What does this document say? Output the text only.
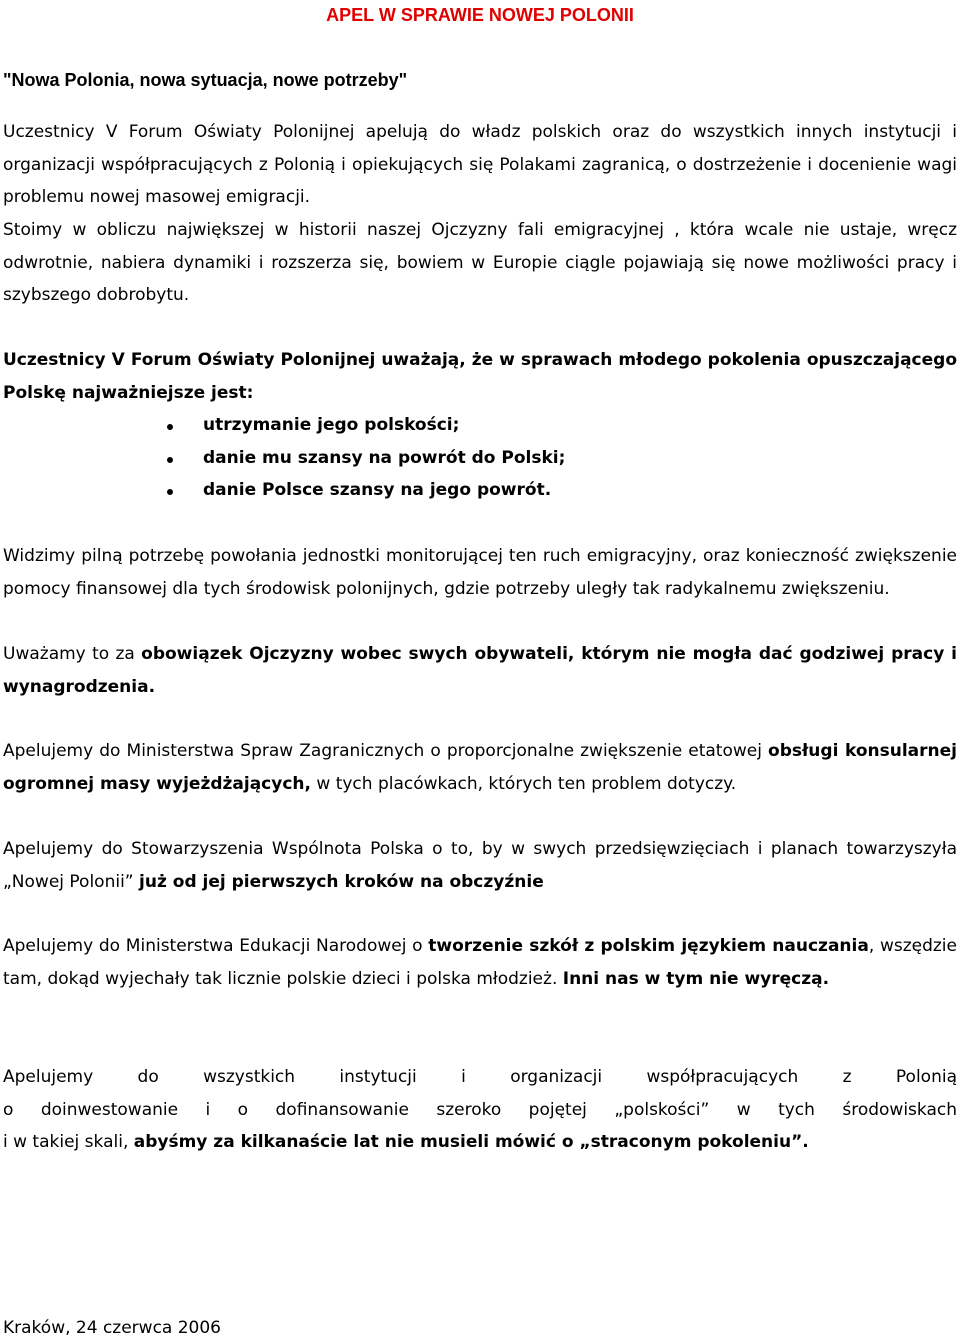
APEL W SPRAWIE NOWEJ POLONII
"Nowa Polonia, nowa sytuacja, nowe potrzeby"

Uczestnicy V Forum Oświaty Polonijnej apelują do władz polskich oraz do wszystkich innych instytucji i organizacji współpracujących z Polonią i opiekujących się Polakami zagranicą, o dostrzeżenie i docenienie wagi problemu nowej masowej emigracji.

Stoimy w obliczu największej w historii naszej Ojczyzny fali emigracyjnej , która wcale nie ustaje, wręcz odwrotnie, nabiera dynamiki i rozszerza się, bowiem w Europie ciągle pojawiają się nowe możliwości pracy i szybszego dobrobytu.

Uczestnicy V Forum Oświaty Polonijnej uważają, że w sprawach młodego pokolenia opuszczającego Polskę najważniejsze jest:

utrzymanie jego polskości;
danie mu szansy na powrót do Polski;
danie Polsce szansy na jego powrót.

Widzimy pilną potrzebę powołania jednostki monitorującej ten ruch emigracyjny, oraz konieczność zwiększenie pomocy finansowej dla tych środowisk polonijnych, gdzie potrzeby uległy tak radykalnemu zwiększeniu.

Uważamy to za obowiązek Ojczyzny wobec swych obywateli, którym nie mogła dać godziwej pracy i wynagrodzenia.

Apelujemy do Ministerstwa Spraw Zagranicznych o proporcjonalne zwiększenie etatowej obsługi konsularnej ogromnej masy wyjeżdżających, w tych placówkach, których ten problem dotyczy.

Apelujemy do Stowarzyszenia Wspólnota Polska o to, by w swych przedsięwzięciach i planach towarzyszyła „Nowej Polonii” już od jej pierwszych kroków na obczyźnie

Apelujemy do Ministerstwa Edukacji Narodowej o tworzenie szkół z polskim językiem nauczania, wszędzie tam, dokąd wyjechały tak licznie polskie dzieci i polska młodzież. Inni nas w tym nie wyręczą.

Apelujemy do wszystkich instytucji i organizacji współpracujących z Polonią

o doinwestowanie i o dofinansowanie szeroko pojętej „polskości” w tych środowiskach

i w takiej skali, abyśmy za kilkanaście lat nie musieli mówić o „straconym pokoleniu”.

Kraków, 24 czerwca 2006
